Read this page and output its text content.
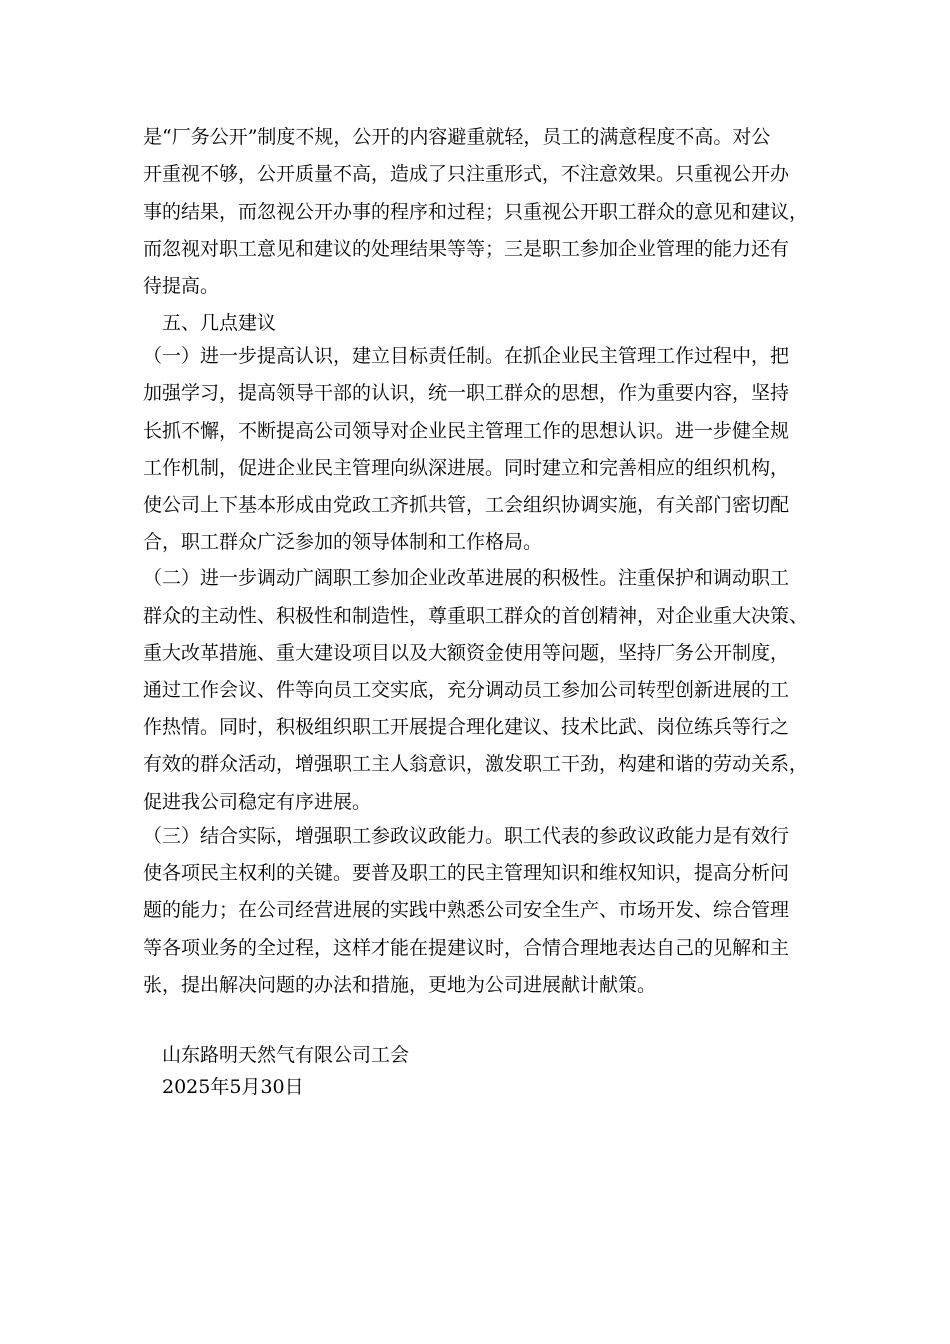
是“厂务公开”制度不规，公开的内容避重就轻，员工的满意程度不高。对公

开重视不够，公开质量不高，造成了只注重形式，不注意效果。只重视公开办

事的结果，而忽视公开办事的程序和过程；只重视公开职工群众的意见和建议，

而忽视对职工意见和建议的处理结果等等；三是职工参加企业管理的能力还有

待提高。

五、几点建议

（一）进一步提高认识，建立目标责任制。在抓企业民主管理工作过程中，把

加强学习，提高领导干部的认识，统一职工群众的思想，作为重要内容，坚持

长抓不懈，不断提高公司领导对企业民主管理工作的思想认识。进一步健全规

工作机制，促进企业民主管理向纵深进展。同时建立和完善相应的组织机构，

使公司上下基本形成由党政工齐抓共管，工会组织协调实施，有关部门密切配

合，职工群众广泛参加的领导体制和工作格局。

（二）进一步调动广阔职工参加企业改革进展的积极性。注重保护和调动职工

群众的主动性、积极性和制造性，尊重职工群众的首创精神，对企业重大决策、

重大改革措施、重大建设项目以及大额资金使用等问题，坚持厂务公开制度，

通过工作会议、件等向员工交实底，充分调动员工参加公司转型创新进展的工

作热情。同时，积极组织职工开展提合理化建议、技术比武、岗位练兵等行之

有效的群众活动，增强职工主人翁意识，激发职工干劲，构建和谐的劳动关系，

促进我公司稳定有序进展。

（三）结合实际，增强职工参政议政能力。职工代表的参政议政能力是有效行

使各项民主权利的关键。要普及职工的民主管理知识和维权知识，提高分析问

题的能力；在公司经营进展的实践中熟悉公司安全生产、市场开发、综合管理

等各项业务的全过程，这样才能在提建议时，合情合理地表达自己的见解和主

张，提出解决问题的办法和措施，更地为公司进展献计献策。

山东路明天然气有限公司工会

2025年5月30日
